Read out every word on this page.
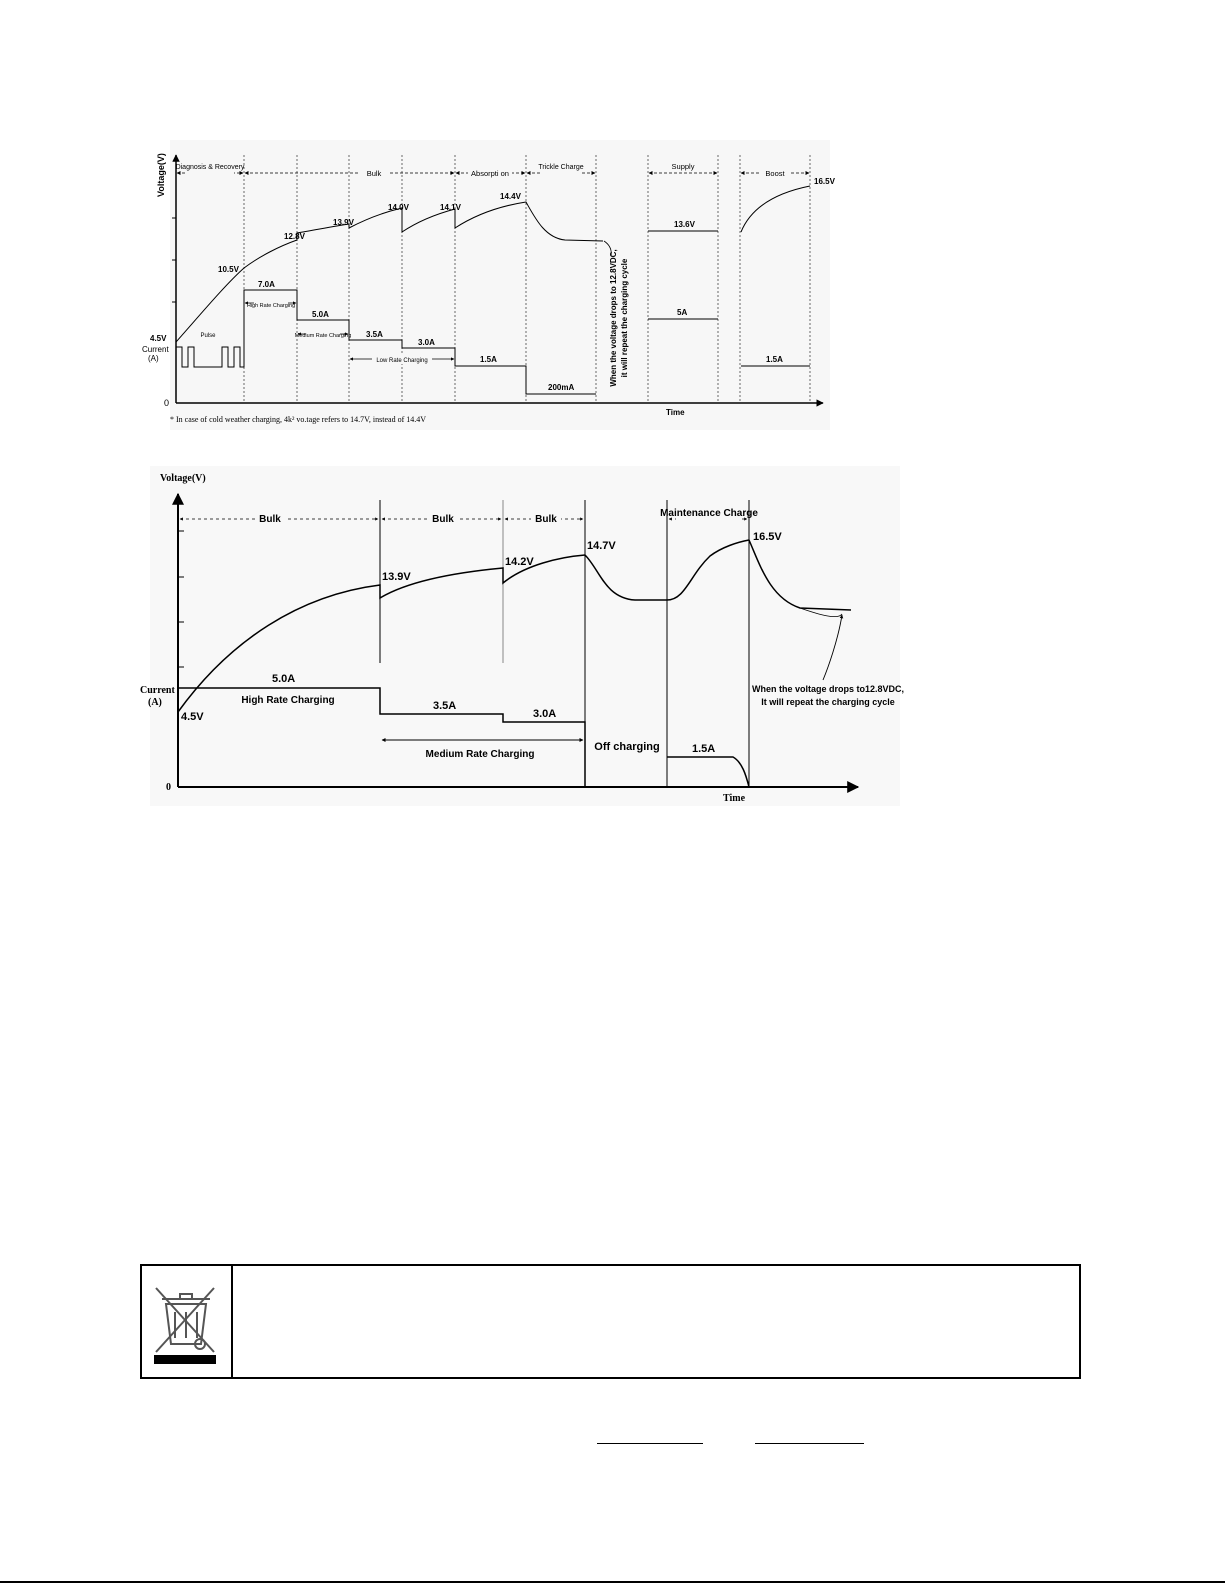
Voltage(V)
0
Time
Current
(A)
Diagnosis & Recovery
Bulk	Absorpti on
Trickle Charge	Supply
Boost
Pulse
High Rate Charging
Medium Rate Charging
Low Rate Charging
4.5V
10.5V
12.8V
13.9V
14.0V	14.1V
14.4V
13.6V
16.5V
7.0A
5.0A
3.5A
3.0A
1.5A
200mA
5A
1.5A
When the voltage drops to 12.8VDC, it will repeat the charging cycle
* In case of cold weather charging, 4k² vo.tage refers to 14.7V, instead of 14.4V
Voltage(V)
0
Time
Current
(A)
Bulk	Bulk	Bulk
Maintenance Charge
4.5V
13.9V
14.2V
14.7V
16.5V
5.0A
3.5A
3.0A
1.5A
High Rate Charging
Medium Rate Charging
Off charging
When the voltage drops to12.8VDC,
It will repeat the charging cycle
